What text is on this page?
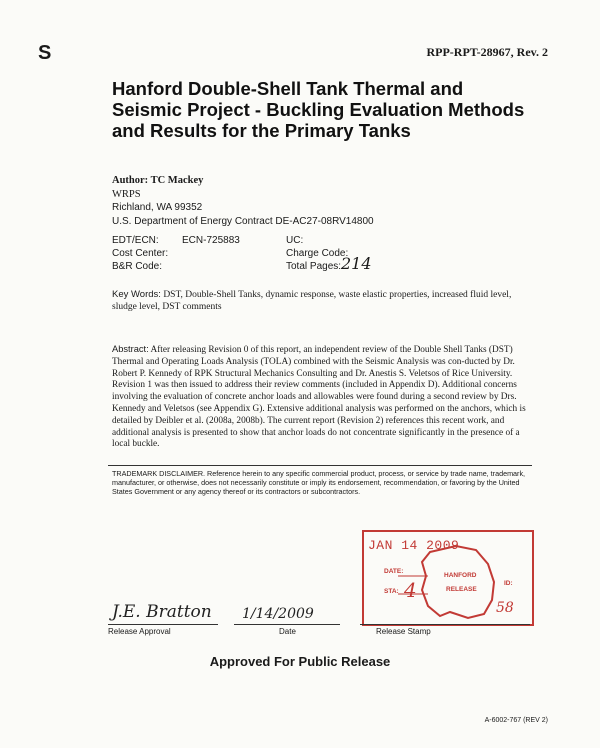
S	RPP-RPT-28967, Rev. 2
Hanford Double-Shell Tank Thermal and Seismic Project - Buckling Evaluation Methods and Results for the Primary Tanks
Author: TC Mackey
WRPS
Richland, WA 99352
U.S. Department of Energy Contract DE-AC27-08RV14800
EDT/ECN: ECN-725883	UC:
Cost Center:	Charge Code:
B&R Code:	Total Pages: 214
Key Words: DST, Double-Shell Tanks, dynamic response, waste elastic properties, increased fluid level, sludge level, DST comments
Abstract: After releasing Revision 0 of this report, an independent review of the Double Shell Tanks (DST) Thermal and Operating Loads Analysis (TOLA) combined with the Seismic Analysis was con-ducted by Dr. Robert P. Kennedy of RPK Structural Mechanics Consulting and Dr. Anestis S. Veletsos of Rice University. Revision 1 was then issued to address their review comments (included in Appendix D). Additional concerns involving the evaluation of concrete anchor loads and allowables were found during a second review by Drs. Kennedy and Veletsos (see Appendix G). Extensive additional analysis was performed on the anchors, which is detailed by Deibler et al. (2008a, 2008b). The current report (Revision 2) references this recent work, and additional analysis is presented to show that anchor loads do not concentrate significantly in the presence of a local buckle.
TRADEMARK DISCLAIMER. Reference herein to any specific commercial product, process, or service by trade name, trademark, manufacturer, or otherwise, does not necessarily constitute or imply its endorsement, recommendation, or favoring by the United States Government or any agency thereof or its contractors or subcontractors.
JAN 14 2009
DATE:
STA: 4
HANFORD
RELEASE
ID:
58
J.E. Bratton
Release Approval
1/14/2009
Date	Release Stamp
Approved For Public Release
A-6002-767 (REV 2)
